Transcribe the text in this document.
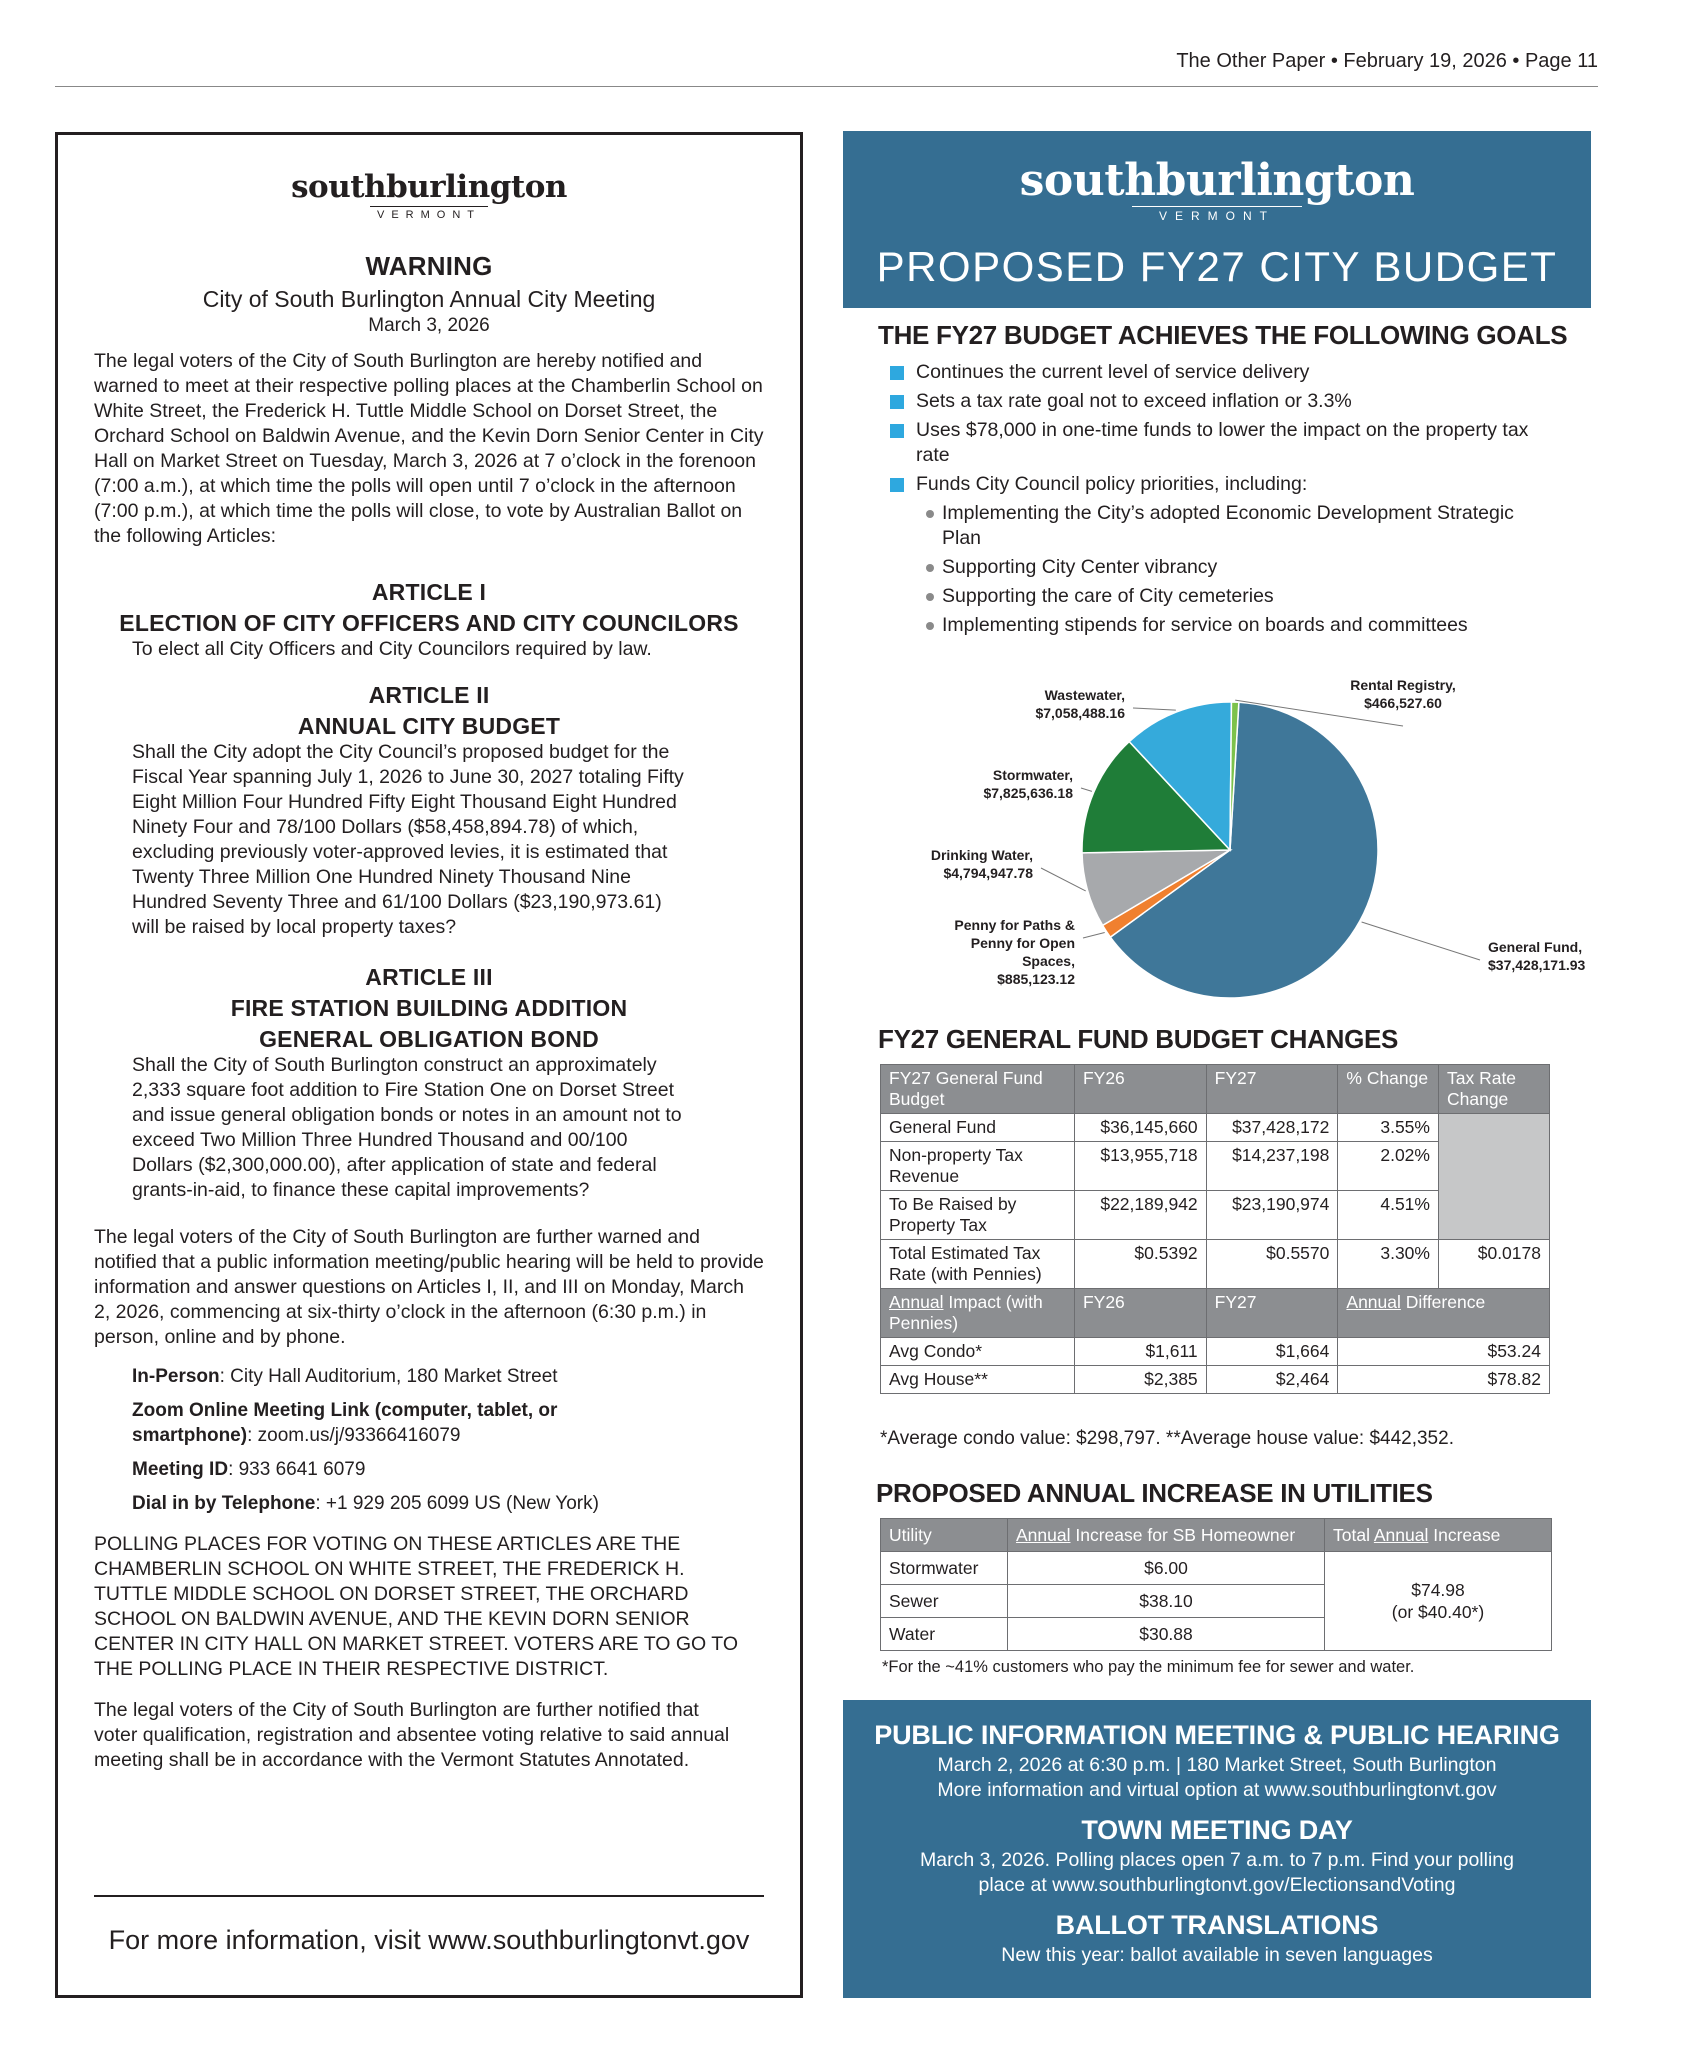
The Other Paper • February 19, 2026 • Page 11
southburlington
VERMONT
WARNING
City of South Burlington Annual City Meeting
March 3, 2026

The legal voters of the City of South Burlington are hereby notified and warned to meet at their respective polling places at the Chamberlin School on White Street, the Frederick H. Tuttle Middle School on Dorset Street, the Orchard School on Baldwin Avenue, and the Kevin Dorn Senior Center in City Hall on Market Street on Tuesday, March 3, 2026 at 7 o’clock in the forenoon (7:00 a.m.), at which time the polls will open until 7 o’clock in the afternoon (7:00 p.m.), at which time the polls will close, to vote by Australian Ballot on the following Articles:

ARTICLE I
ELECTION OF CITY OFFICERS AND CITY COUNCILORS

To elect all City Officers and City Councilors required by law.

ARTICLE II
ANNUAL CITY BUDGET

Shall the City adopt the City Council’s proposed budget for the Fiscal Year spanning July 1, 2026 to June 30, 2027 totaling Fifty Eight Million Four Hundred Fifty Eight Thousand Eight Hundred Ninety Four and 78/100 Dollars ($58,458,894.78) of which, excluding previously voter-approved levies, it is estimated that Twenty Three Million One Hundred Ninety Thousand Nine Hundred Seventy Three and 61/100 Dollars ($23,190,973.61) will be raised by local property taxes?

ARTICLE III
FIRE STATION BUILDING ADDITION
GENERAL OBLIGATION BOND

Shall the City of South Burlington construct an approximately 2,333 square foot addition to Fire Station One on Dorset Street and issue general obligation bonds or notes in an amount not to exceed Two Million Three Hundred Thousand and 00/100 Dollars ($2,300,000.00), after application of state and federal grants-in-aid, to finance these capital improvements?

The legal voters of the City of South Burlington are further warned and notified that a public information meeting/public hearing will be held to provide information and answer questions on Articles I, II, and III on Monday, March 2, 2026, commencing at six-thirty o’clock in the afternoon (6:30 p.m.) in person, online and by phone.

In-Person: City Hall Auditorium, 180 Market Street

Zoom Online Meeting Link (computer, tablet, or smartphone): zoom.us/j/93366416079

Meeting ID: 933 6641 6079

Dial in by Telephone: +1 929 205 6099 US (New York)

POLLING PLACES FOR VOTING ON THESE ARTICLES ARE THE CHAMBERLIN SCHOOL ON WHITE STREET, THE FREDERICK H. TUTTLE MIDDLE SCHOOL ON DORSET STREET, THE ORCHARD SCHOOL ON BALDWIN AVENUE, AND THE KEVIN DORN SENIOR CENTER IN CITY HALL ON MARKET STREET. VOTERS ARE TO GO TO THE POLLING PLACE IN THEIR RESPECTIVE DISTRICT.

The legal voters of the City of South Burlington are further notified that voter qualification, registration and absentee voting relative to said annual meeting shall be in accordance with the Vermont Statutes Annotated.

For more information, visit www.southburlingtonvt.gov
southburlington
VERMONT
PROPOSED FY27 CITY BUDGET
THE FY27 BUDGET ACHIEVES THE FOLLOWING GOALS
Continues the current level of service delivery
Sets a tax rate goal not to exceed inflation or 3.3%
Uses $78,000 in one-time funds to lower the impact on the property tax rate
Funds City Council policy priorities, including:
Implementing the City’s adopted Economic Development Strategic Plan
Supporting City Center vibrancy
Supporting the care of City cemeteries
Implementing stipends for service on boards and committees
General Fund,
$37,428,171.93
Penny for Paths &
Penny for Open
Spaces,
$885,123.12
Drinking Water,
$4,794,947.78
Stormwater,
$7,825,636.18
Wastewater,
$7,058,488.16
Rental Registry,
$466,527.60
FY27 GENERAL FUND BUDGET CHANGES
FY27 General Fund Budget	FY26	FY27	% Change	Tax Rate Change
General Fund	$36,145,660	$37,428,172	3.55%	
Non-property Tax Revenue	$13,955,718	$14,237,198	2.02%	
To Be Raised by Property Tax	$22,189,942	$23,190,974	4.51%	
Total Estimated Tax Rate (with Pennies)	$0.5392	$0.5570	3.30%	$0.0178
Annual Impact (with Pennies)	FY26	FY27	Annual Difference	
Avg Condo*	$1,611	$1,664	$53.24	
Avg House**	$2,385	$2,464	$78.82	
*Average condo value: $298,797. **Average house value: $442,352.
PROPOSED ANNUAL INCREASE IN UTILITIES
Utility	Annual Increase for SB Homeowner	Total Annual Increase
Stormwater	$6.00	$74.98
(or $40.40*)

Sewer	$38.10	
Water	$30.88	
*For the ~41% customers who pay the minimum fee for sewer and water.
PUBLIC INFORMATION MEETING & PUBLIC HEARING
March 2, 2026 at 6:30 p.m. | 180 Market Street, South Burlington
More information and virtual option at www.southburlingtonvt.gov
TOWN MEETING DAY
March 3, 2026. Polling places open 7 a.m. to 7 p.m. Find your polling
place at www.southburlingtonvt.gov/ElectionsandVoting
BALLOT TRANSLATIONS
New this year: ballot available in seven languages
